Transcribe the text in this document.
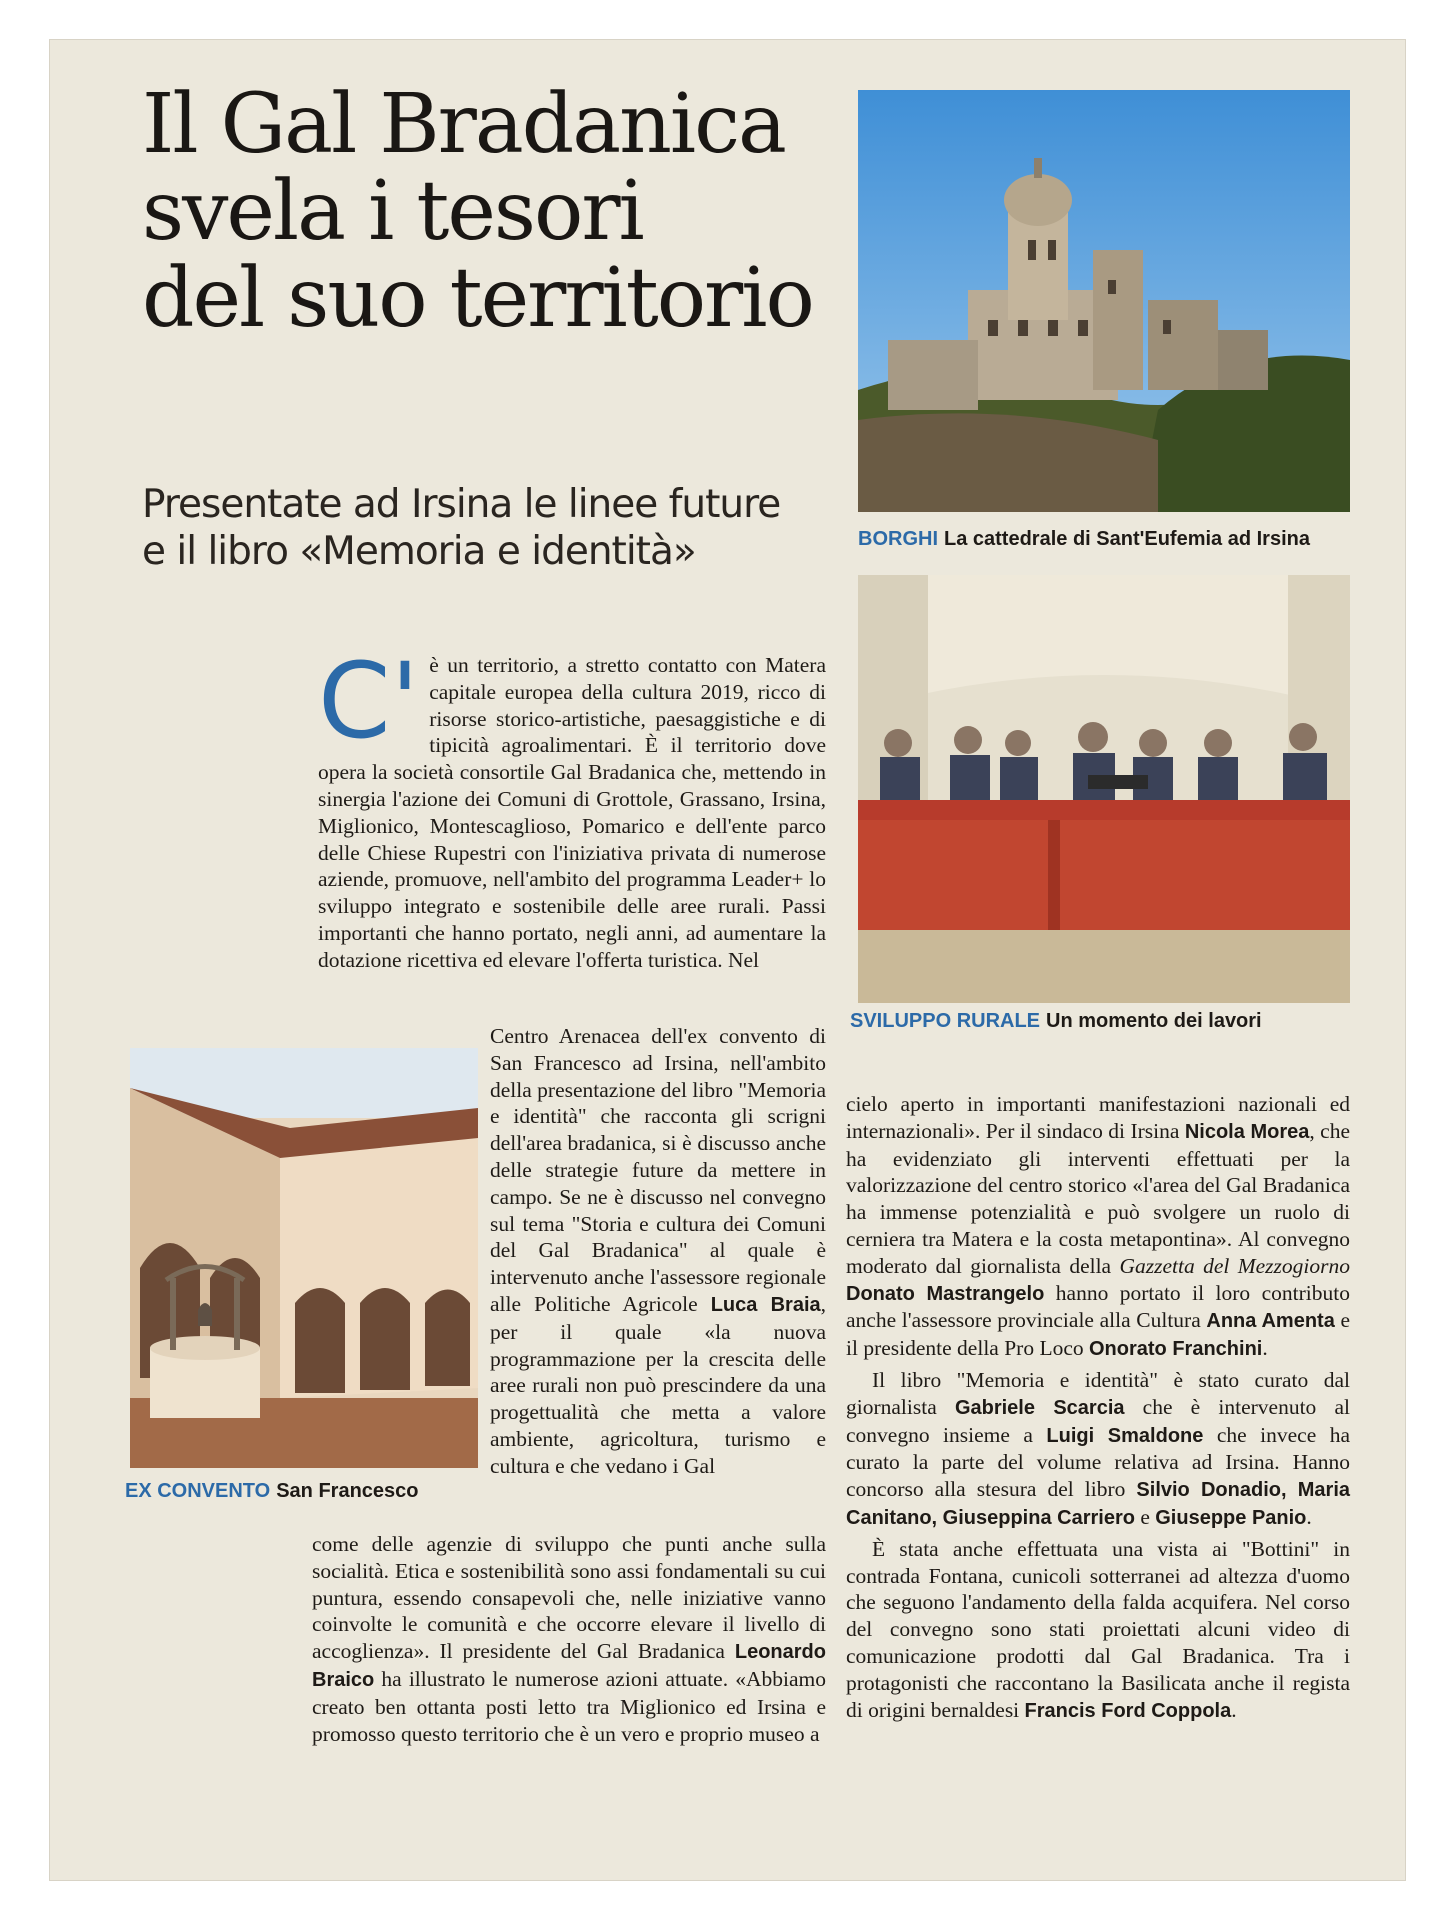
Il Gal Bradanica
svela i tesori
del suo territorio
Presentate ad Irsina le linee future
e il libro «Memoria e identità»	BORGHI La cattedrale di Sant'Eufemia ad Irsina

SVILUPPO RURALE Un momento dei lavori
EX CONVENTO San Francesco

C' è un territorio, a stretto contatto con Matera capitale europea della cultura 2019, ricco di risorse storico-artistiche, paesaggistiche e di tipicità agroalimentari. È il territorio dove opera la società consortile Gal Bradanica che, mettendo in sinergia l'azione dei Comuni di Grottole, Grassano, Irsina, Miglionico, Montescaglioso, Pomarico e dell'ente parco delle Chiese Rupestri con l'iniziativa privata di numerose aziende, promuove, nell'ambito del programma Leader+ lo sviluppo integrato e sostenibile delle aree rurali. Passi importanti che hanno portato, negli anni, ad aumentare la dotazione ricettiva ed elevare l'offerta turistica. Nel

Centro Arenacea dell'ex convento di San Francesco ad Irsina, nell'ambito della presentazione del libro "Memoria e identità" che racconta gli scrigni dell'area bradanica, si è discusso anche delle strategie future da mettere in campo. Se ne è discusso nel convegno sul tema "Storia e cultura dei Comuni del Gal Bradanica" al quale è intervenuto anche l'assessore regionale alle Politiche Agricole Luca Braia, per il quale «la nuova programmazione per la crescita delle aree rurali non può prescindere da una progettualità che metta a valore ambiente, agricoltura, turismo e cultura e che vedano i Gal

come delle agenzie di sviluppo che punti anche sulla socialità. Etica e sostenibilità sono assi fondamentali su cui puntura, essendo consapevoli che, nelle iniziative vanno coinvolte le comunità e che occorre elevare il livello di accoglienza». Il presidente del Gal Bradanica Leonardo Braico ha illustrato le numerose azioni attuate. «Abbiamo creato ben ottanta posti letto tra Miglionico ed Irsina e promosso questo territorio che è un vero e proprio museo a

cielo aperto in importanti manifestazioni nazionali ed internazionali». Per il sindaco di Irsina Nicola Morea, che ha evidenziato gli interventi effettuati per la valorizzazione del centro storico «l'area del Gal Bradanica ha immense potenzialità e può svolgere un ruolo di cerniera tra Matera e la costa metapontina». Al convegno moderato dal giornalista della Gazzetta del Mezzogiorno Donato Mastrangelo hanno portato il loro contributo anche l'assessore provinciale alla Cultura Anna Amenta e il presidente della Pro Loco Onorato Franchini.

Il libro "Memoria e identità" è stato curato dal giornalista Gabriele Scarcia che è intervenuto al convegno insieme a Luigi Smaldone che invece ha curato la parte del volume relativa ad Irsina. Hanno concorso alla stesura del libro Silvio Donadio, Maria Canitano, Giuseppina Carriero e Giuseppe Panio.

È stata anche effettuata una vista ai "Bottini" in contrada Fontana, cunicoli sotterranei ad altezza d'uomo che seguono l'andamento della falda acquifera. Nel corso del convegno sono stati proiettati alcuni video di comunicazione prodotti dal Gal Bradanica. Tra i protagonisti che raccontano la Basilicata anche il regista di origini bernaldesi Francis Ford Coppola.
